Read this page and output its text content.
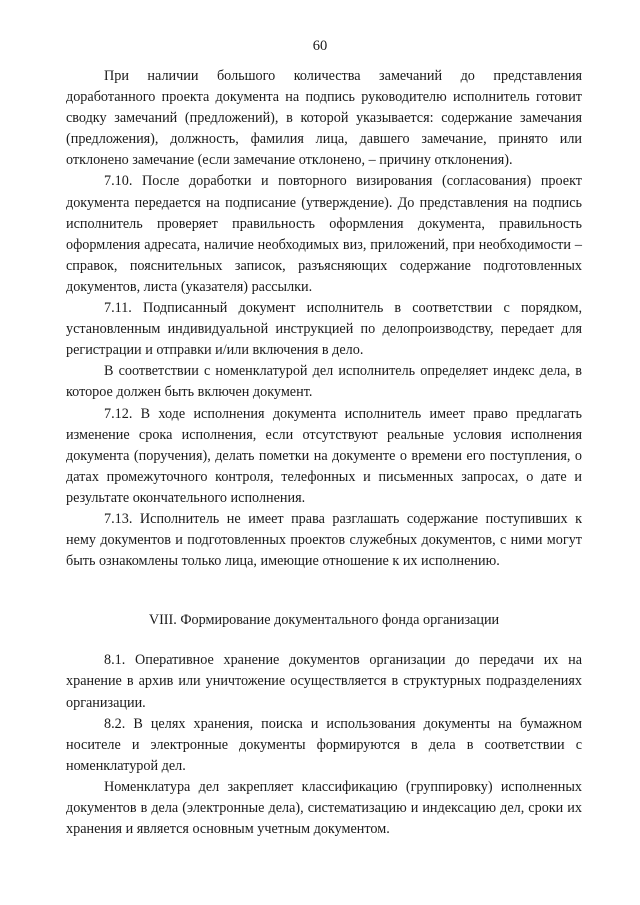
60

При наличии большого количества замечаний до представления доработанного проекта документа на подпись руководителю исполнитель готовит сводку замечаний (предложений), в которой указывается: содержание замечания (предложения), должность, фамилия лица, давшего замечание, принято или отклонено замечание (если замечание отклонено, – причину отклонения).

7.10. После доработки и повторного визирования (согласования) проект документа передается на подписание (утверждение). До представления на подпись исполнитель проверяет правильность оформления документа, правильность оформления адресата, наличие необходимых виз, приложений, при необходимости – справок, пояснительных записок, разъясняющих содержание подготовленных документов, листа (указателя) рассылки.

7.11. Подписанный документ исполнитель в соответствии с порядком, установленным индивидуальной инструкцией по делопроизводству, передает для регистрации и отправки и/или включения в дело.

В соответствии с номенклатурой дел исполнитель определяет индекс дела, в которое должен быть включен документ.

7.12. В ходе исполнения документа исполнитель имеет право предлагать изменение срока исполнения, если отсутствуют реальные условия исполнения документа (поручения), делать пометки на документе о времени его поступления, о датах промежуточного контроля, телефонных и письменных запросах, о дате и результате окончательного исполнения.

7.13. Исполнитель не имеет права разглашать содержание поступивших к нему документов и подготовленных проектов служебных документов, с ними могут быть ознакомлены только лица, имеющие отношение к их исполнению.

VIII. Формирование документального фонда организации

8.1. Оперативное хранение документов организации до передачи их на хранение в архив или уничтожение осуществляется в структурных подразделениях организации.

8.2. В целях хранения, поиска и использования документы на бумажном носителе и электронные документы формируются в дела в соответствии с номенклатурой дел.

Номенклатура дел закрепляет классификацию (группировку) исполненных документов в дела (электронные дела), систематизацию и индексацию дел, сроки их хранения и является основным учетным документом.
